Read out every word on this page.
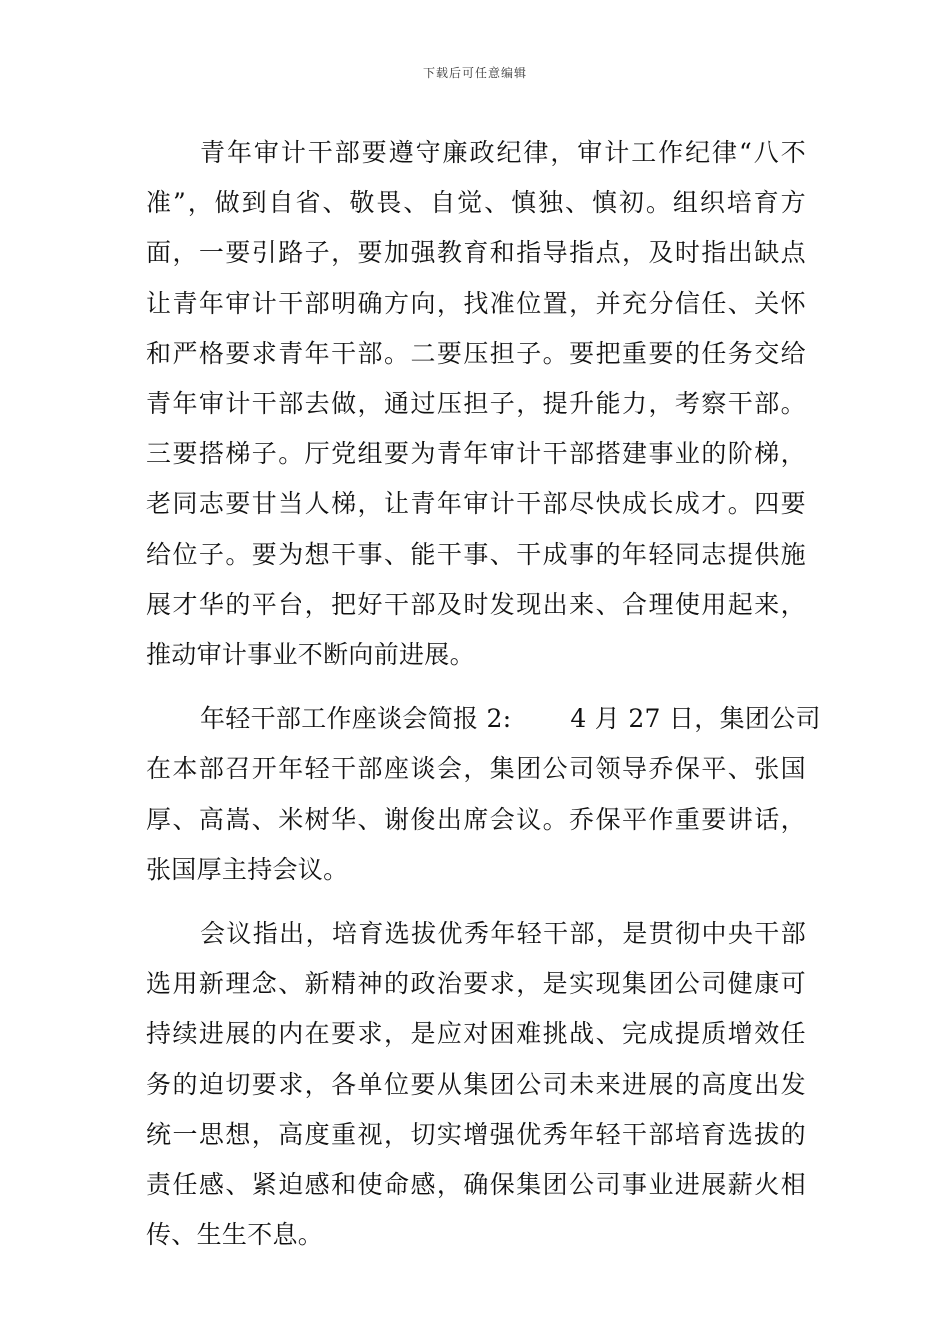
下载后可任意编辑
青年审计干部要遵守廉政纪律，审计工作纪律“八不
准”，做到自省、敬畏、自觉、慎独、慎初。组织培育方
面，一要引路子，要加强教育和指导指点，及时指出缺点
让青年审计干部明确方向，找准位置，并充分信任、关怀
和严格要求青年干部。二要压担子。要把重要的任务交给
青年审计干部去做，通过压担子，提升能力，考察干部。
三要搭梯子。厅党组要为青年审计干部搭建事业的阶梯，
老同志要甘当人梯，让青年审计干部尽快成长成才。四要
给位子。要为想干事、能干事、干成事的年轻同志提供施
展才华的平台，把好干部及时发现出来、合理使用起来，
推动审计事业不断向前进展。
年轻干部工作座谈会简报 2:　　 4 月 27 日，集团公司
在本部召开年轻干部座谈会，集团公司领导乔保平、张国
厚、高嵩、米树华、谢俊出席会议。乔保平作重要讲话，
张国厚主持会议。
会议指出，培育选拔优秀年轻干部，是贯彻中央干部
选用新理念、新精神的政治要求，是实现集团公司健康可
持续进展的内在要求，是应对困难挑战、完成提质增效任
务的迫切要求，各单位要从集团公司未来进展的高度出发
统一思想，高度重视，切实增强优秀年轻干部培育选拔的
责任感、紧迫感和使命感，确保集团公司事业进展薪火相
传、生生不息。
